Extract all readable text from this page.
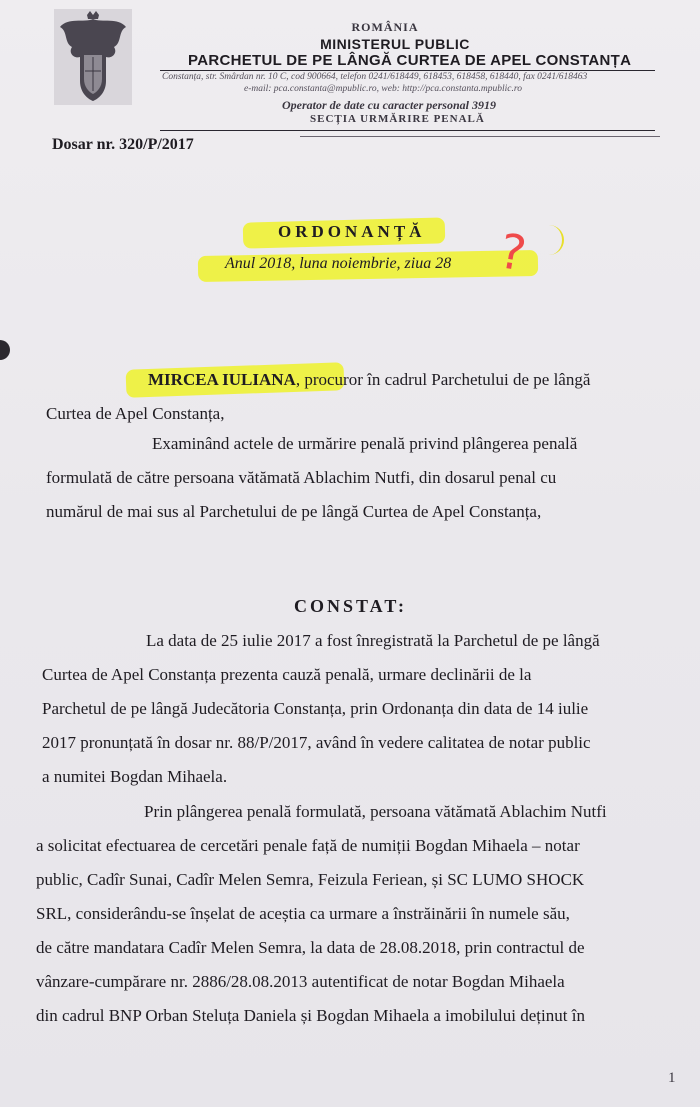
ROMÂNIA
MINISTERUL PUBLIC
PARCHETUL DE PE LÂNGĂ CURTEA DE APEL CONSTANȚA
Constanța, str. Smârdan nr. 10 C, cod 900664, telefon 0241/618449, 618453, 618458, 618440, fax 0241/618463
e-mail: pca.constanta@mpublic.ro, web: http://pca.constanta.mpublic.ro
Operator de date cu caracter personal 3919
SECȚIA URMĂRIRE PENALĂ
Dosar nr. 320/P/2017
ORDONANȚĂ
Anul 2018, luna noiembrie, ziua 28 ?
MIRCEA IULIANA, procuror în cadrul Parchetului de pe lângă
Curtea de Apel Constanța,
Examinând actele de urmărire penală privind plângerea penală
formulată de către persoana vătămată Ablachim Nutfi, din dosarul penal cu
numărul de mai sus al Parchetului de pe lângă Curtea de Apel Constanța,
CONSTAT:
La data de 25 iulie 2017 a fost înregistrată la Parchetul de pe lângă
Curtea de Apel Constanța prezenta cauză penală, urmare declinării de la
Parchetul de pe lângă Judecătoria Constanța, prin Ordonanța din data de 14 iulie
2017 pronunțată în dosar nr. 88/P/2017, având în vedere calitatea de notar public
a numitei Bogdan Mihaela.
Prin plângerea penală formulată, persoana vătămată Ablachim Nutfi
a solicitat efectuarea de cercetări penale față de numiții Bogdan Mihaela – notar
public, Cadîr Sunai, Cadîr Melen Semra, Feizula Feriean, și SC LUMO SHOCK
SRL, considerându-se înșelat de aceștia ca urmare a înstrăinării în numele său,
de către mandatara Cadîr Melen Semra, la data de 28.08.2018, prin contractul de
vânzare-cumpărare nr. 2886/28.08.2013 autentificat de notar Bogdan Mihaela
din cadrul BNP Orban Steluța Daniela și Bogdan Mihaela a imobilului deținut în
1
